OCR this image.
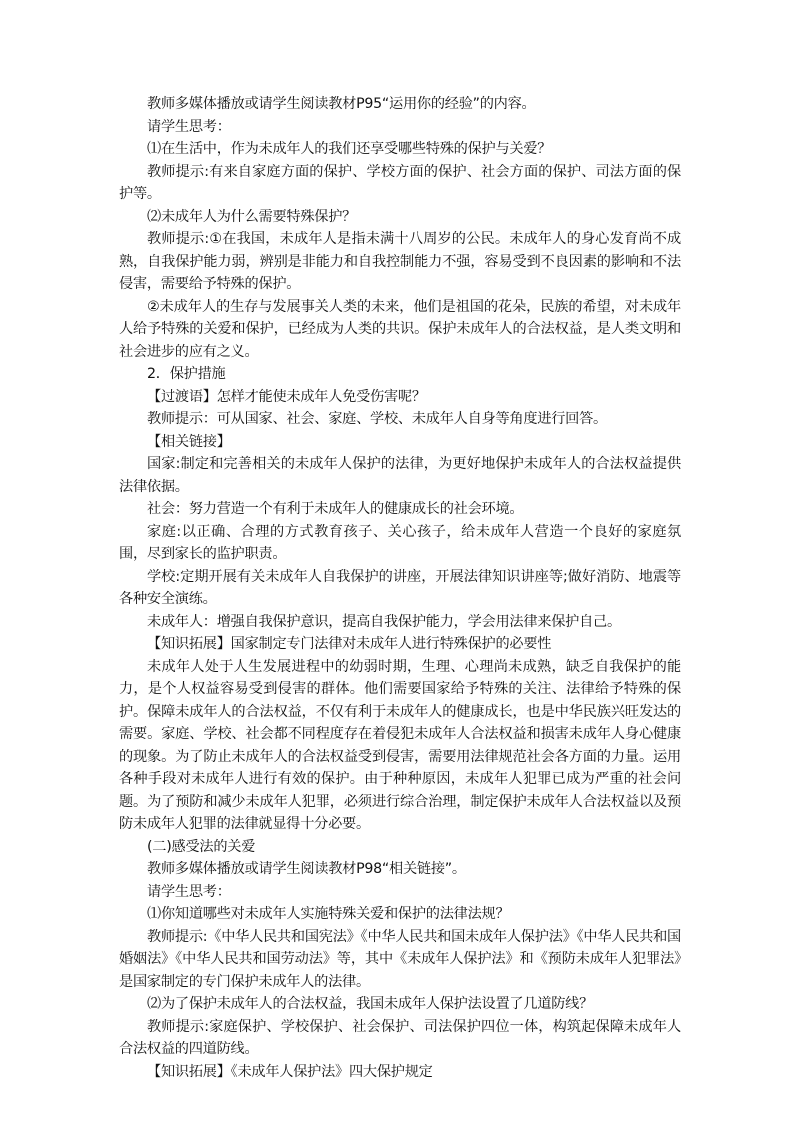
教师多媒体播放或请学生阅读教材P95“运用你的经验”的内容。

请学生思考：

⑴在生活中，作为未成年人的我们还享受哪些特殊的保护与关爱？

教师提示:有来自家庭方面的保护、学校方面的保护、社会方面的保护、司法方面的保护等。

⑵未成年人为什么需要特殊保护？

教师提示:①在我国，未成年人是指未满十八周岁的公民。未成年人的身心发育尚不成熟，自我保护能力弱，辨别是非能力和自我控制能力不强，容易受到不良因素的影响和不法侵害，需要给予特殊的保护。

②未成年人的生存与发展事关人类的未来，他们是祖国的花朵，民族的希望，对未成年人给予特殊的关爱和保护，已经成为人类的共识。保护未成年人的合法权益，是人类文明和社会进步的应有之义。

2．保护措施

【过渡语】怎样才能使未成年人免受伤害呢？

教师提示：可从国家、社会、家庭、学校、未成年人自身等角度进行回答。

【相关链接】

国家:制定和完善相关的未成年人保护的法律，为更好地保护未成年人的合法权益提供法律依据。

社会：努力营造一个有利于未成年人的健康成长的社会环境。

家庭:以正确、合理的方式教育孩子、关心孩子，给未成年人营造一个良好的家庭氛围，尽到家长的监护职责。

学校:定期开展有关未成年人自我保护的讲座，开展法律知识讲座等;做好消防、地震等各种安全演练。

未成年人：增强自我保护意识，提高自我保护能力，学会用法律来保护自己。

【知识拓展】国家制定专门法律对未成年人进行特殊保护的必要性

未成年人处于人生发展进程中的幼弱时期，生理、心理尚未成熟，缺乏自我保护的能力，是个人权益容易受到侵害的群体。他们需要国家给予特殊的关注、法律给予特殊的保护。保障未成年人的合法权益，不仅有利于未成年人的健康成长，也是中华民族兴旺发达的需要。家庭、学校、社会都不同程度存在着侵犯未成年人合法权益和损害未成年人身心健康的现象。为了防止未成年人的合法权益受到侵害，需要用法律规范社会各方面的力量。运用各种手段对未成年人进行有效的保护。由于种种原因，未成年人犯罪已成为严重的社会问题。为了预防和减少未成年人犯罪，必须进行综合治理，制定保护未成年人合法权益以及预防未成年人犯罪的法律就显得十分必要。

(二)感受法的关爱

教师多媒体播放或请学生阅读教材P98“相关链接”。

请学生思考：

⑴你知道哪些对未成年人实施特殊关爱和保护的法律法规？

教师提示:《中华人民共和国宪法》《中华人民共和国未成年人保护法》《中华人民共和国婚姻法》《中华人民共和国劳动法》等，其中《未成年人保护法》和《预防未成年人犯罪法》是国家制定的专门保护未成年人的法律。

⑵为了保护未成年人的合法权益，我国未成年人保护法设置了几道防线？

教师提示:家庭保护、学校保护、社会保护、司法保护四位一体，构筑起保障未成年人合法权益的四道防线。

【知识拓展】《未成年人保护法》四大保护规定
